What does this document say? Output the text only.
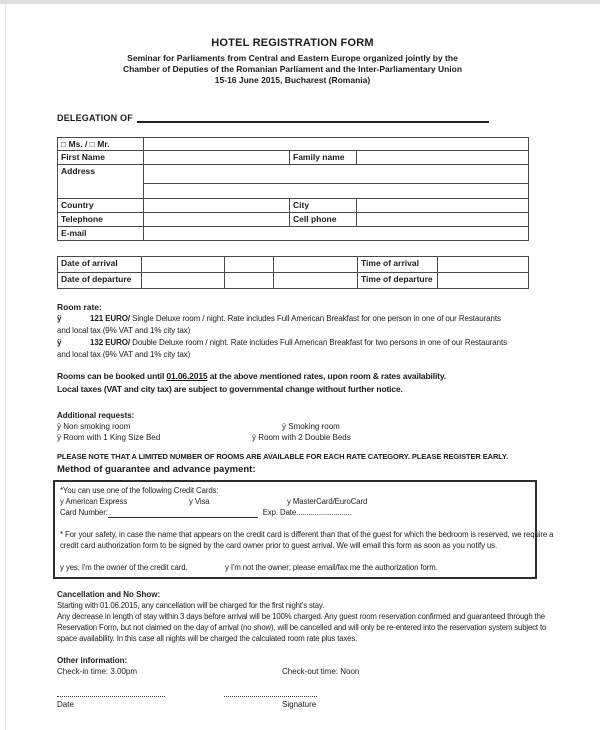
HOTEL REGISTRATION FORM
Seminar for Parliaments from Central and Eastern Europe organized jointly by the
Chamber of Deputies of the Romanian Parliament and the Inter-Parliamentary Union
15-16 June 2015, Bucharest (Romania)
DELEGATION OF
□ Ms. / □ Mr.			
First Name		Family name	
Address			

Country		City	
Telephone		Cell phone	
E-mail			
Date of arrival				Time of arrival	
Date of departure				Time of departure	
Room rate:
ÿ	121 EURO/ Single Deluxe room / night. Rate includes Full American Breakfast for one person in one of our Restaurants
and local tax (9% VAT and 1% city tax)
ÿ	132 EURO/ Double Deluxe room / night. Rate includes Full American Breakfast for two persons in one of our Restaurants
and local tax (9% VAT and 1% city tax)
Rooms can be booked until 01.06.2015 at the above mentioned rates, upon room & rates availability.
Local taxes (VAT and city tax) are subject to governmental change without further notice.
Additional requests:
ÿ Non smoking room	ÿ Smoking room
ÿ Room with 1 King Size Bed	ÿ Room with 2 Double Beds
PLEASE NOTE THAT A LIMITED NUMBER OF ROOMS ARE AVAILABLE FOR EACH RATE CATEGORY. PLEASE REGISTER EARLY.
Method of guarantee and advance payment:
*You can use one of the following Credit Cards:
y American Express	y Visa	y MasterCard/EuroCard
Card Number:	Exp. Date...........................
* For your safety, in case the name that appears on the credit card is different than that of the guest for which the bedroom is reserved, we require a
credit card authorization form to be signed by the card owner prior to guest arrival. We will email this form as soon as you notify us.
y yes, I'm the owner of the credit card.	y I'm not the owner; please email/fax me the authorization form.
Cancellation and No Show:
Starting with 01.06.2015, any cancellation will be charged for the first night's stay.
Any decrease in length of stay within 3 days before arrival will be 100% charged. Any guest room reservation confirmed and guaranteed through the
Reservation Form, but not claimed on the day of arrival (no show), will be cancelled and will only be re-entered into the reservation system subject to
space availability. In this case all nights will be charged the calculated room rate plus taxes.
Other information:
Check-in time: 3.00pm	Check-out time: Noon
Date	Signature
